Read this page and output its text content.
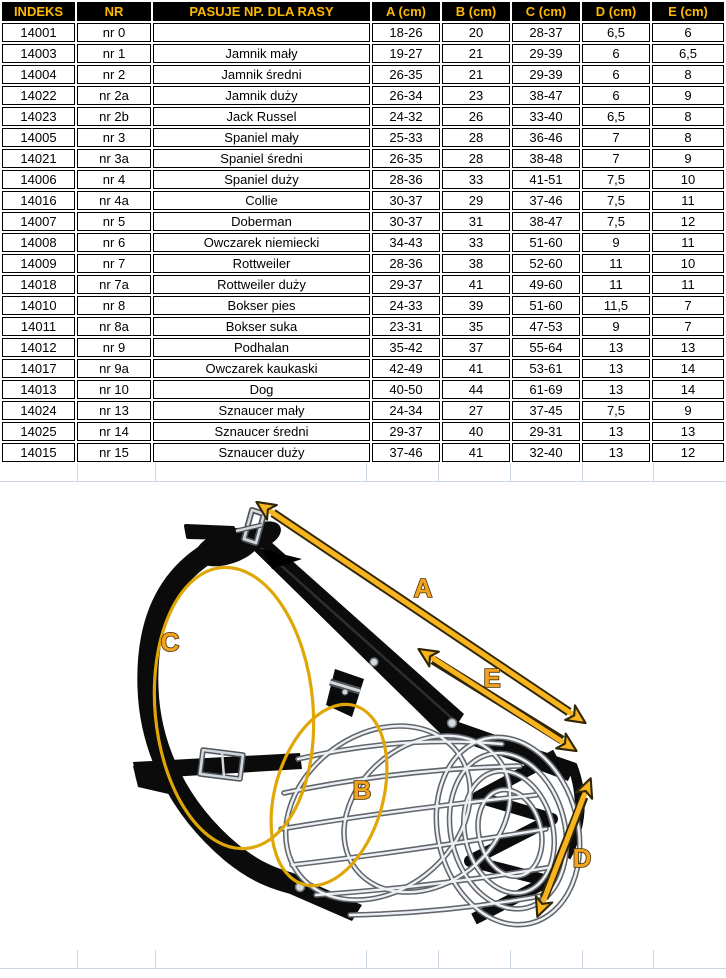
INDEKS	NR	PASUJE NP. DLA RASY	A (cm)	B (cm)	C (cm)	D (cm)	E (cm)
14001	nr 0		18-26	20	28-37	6,5	6
14003	nr 1	Jamnik mały	19-27	21	29-39	6	6,5
14004	nr 2	Jamnik średni	26-35	21	29-39	6	8
14022	nr 2a	Jamnik duży	26-34	23	38-47	6	9
14023	nr 2b	Jack Russel	24-32	26	33-40	6,5	8
14005	nr 3	Spaniel mały	25-33	28	36-46	7	8
14021	nr 3a	Spaniel średni	26-35	28	38-48	7	9
14006	nr 4	Spaniel duży	28-36	33	41-51	7,5	10
14016	nr 4a	Collie	30-37	29	37-46	7,5	11
14007	nr 5	Doberman	30-37	31	38-47	7,5	12
14008	nr 6	Owczarek niemiecki	34-43	33	51-60	9	11
14009	nr 7	Rottweiler	28-36	38	52-60	11	10
14018	nr 7a	Rottweiler duży	29-37	41	49-60	11	11
14010	nr 8	Bokser pies	24-33	39	51-60	11,5	7
14011	nr 8a	Bokser suka	23-31	35	47-53	9	7
14012	nr 9	Podhalan	35-42	37	55-64	13	13
14017	nr 9a	Owczarek kaukaski	42-49	41	53-61	13	14
14013	nr 10	Dog	40-50	44	61-69	13	14
14024	nr 13	Sznaucer mały	24-34	27	37-45	7,5	9
14025	nr 14	Sznaucer średni	29-37	40	29-31	13	13
14015	nr 15	Sznaucer duży	37-46	41	32-40	13	12
A
E
C
B
D
